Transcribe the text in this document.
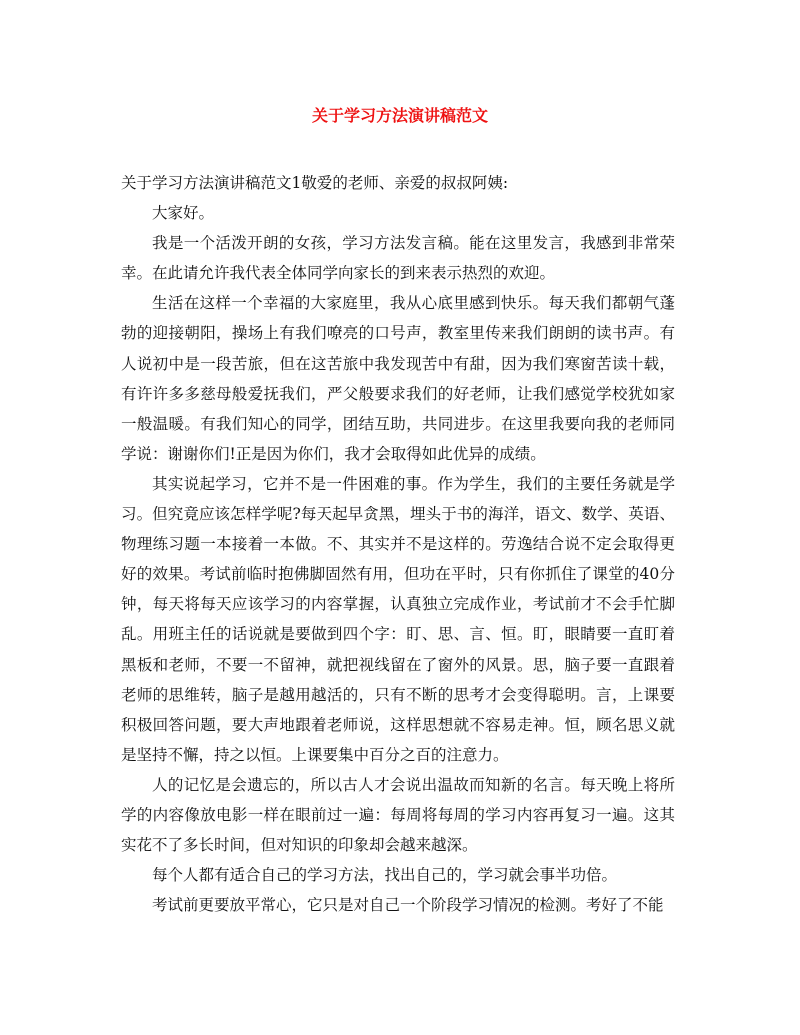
关于学习方法演讲稿范文

关于学习方法演讲稿范文1敬爱的老师、亲爱的叔叔阿姨:

大家好。

我是一个活泼开朗的女孩，学习方法发言稿。能在这里发言，我感到非常荣幸。在此请允许我代表全体同学向家长的到来表示热烈的欢迎。

生活在这样一个幸福的大家庭里，我从心底里感到快乐。每天我们都朝气蓬勃的迎接朝阳，操场上有我们嘹亮的口号声，教室里传来我们朗朗的读书声。有人说初中是一段苦旅，但在这苦旅中我发现苦中有甜，因为我们寒窗苦读十载，有许许多多慈母般爱抚我们，严父般要求我们的好老师，让我们感觉学校犹如家一般温暖。有我们知心的同学，团结互助，共同进步。在这里我要向我的老师同学说：谢谢你们!正是因为你们，我才会取得如此优异的成绩。

其实说起学习，它并不是一件困难的事。作为学生，我们的主要任务就是学习。但究竟应该怎样学呢?每天起早贪黑，埋头于书的海洋，语文、数学、英语、物理练习题一本接着一本做。不、其实并不是这样的。劳逸结合说不定会取得更好的效果。考试前临时抱佛脚固然有用，但功在平时，只有你抓住了课堂的40分钟，每天将每天应该学习的内容掌握，认真独立完成作业，考试前才不会手忙脚乱。用班主任的话说就是要做到四个字：盯、思、言、恒。盯，眼睛要一直盯着黑板和老师，不要一不留神，就把视线留在了窗外的风景。思，脑子要一直跟着老师的思维转，脑子是越用越活的，只有不断的思考才会变得聪明。言，上课要积极回答问题，要大声地跟着老师说，这样思想就不容易走神。恒，顾名思义就是坚持不懈，持之以恒。上课要集中百分之百的注意力。

人的记忆是会遗忘的，所以古人才会说出温故而知新的名言。每天晚上将所学的内容像放电影一样在眼前过一遍：每周将每周的学习内容再复习一遍。这其实花不了多长时间，但对知识的印象却会越来越深。

每个人都有适合自己的学习方法，找出自己的，学习就会事半功倍。

考试前更要放平常心，它只是对自己一个阶段学习情况的检测。考好了不能
